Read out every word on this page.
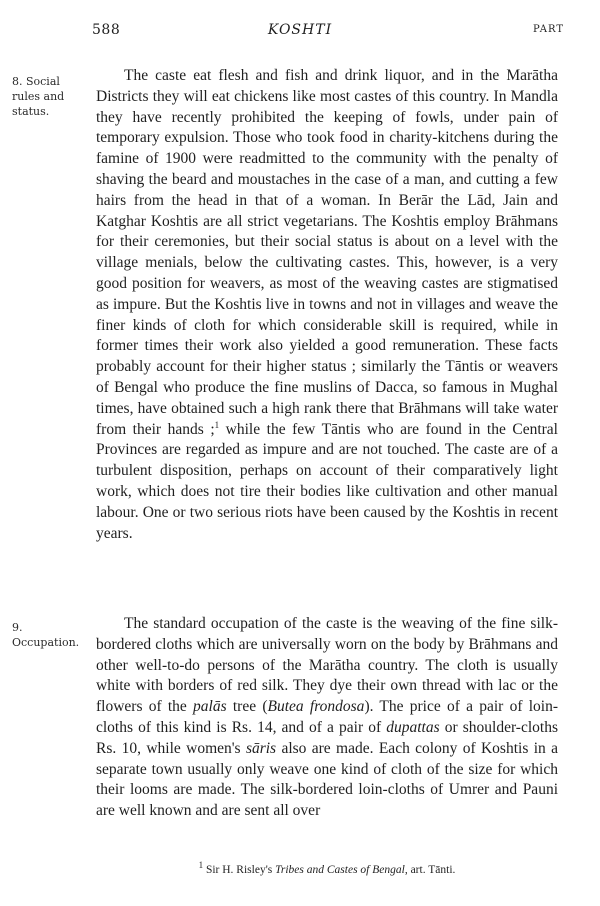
588	KOSHTI	PART
8. Social rules and status.
9. Occupation.

The caste eat flesh and fish and drink liquor, and in the Marātha Districts they will eat chickens like most castes of this country. In Mandla they have recently prohibited the keeping of fowls, under pain of temporary expulsion. Those who took food in charity-kitchens during the famine of 1900 were readmitted to the community with the penalty of shaving the beard and moustaches in the case of a man, and cutting a few hairs from the head in that of a woman. In Berār the Lād, Jain and Katghar Koshtis are all strict vegetarians. The Koshtis employ Brāhmans for their ceremonies, but their social status is about on a level with the village menials, below the cultivating castes. This, however, is a very good position for weavers, as most of the weaving castes are stigmatised as impure. But the Koshtis live in towns and not in villages and weave the finer kinds of cloth for which considerable skill is required, while in former times their work also yielded a good remuneration. These facts probably account for their higher status ; similarly the Tāntis or weavers of Bengal who produce the fine muslins of Dacca, so famous in Mughal times, have obtained such a high rank there that Brāhmans will take water from their hands ;$^1$ while the few Tāntis who are found in the Central Provinces are regarded as impure and are not touched. The caste are of a turbulent disposition, perhaps on account of their comparatively light work, which does not tire their bodies like cultivation and other manual labour. One or two serious riots have been caused by the Koshtis in recent years.

The standard occupation of the caste is the weaving of the fine silk-bordered cloths which are universally worn on the body by Brāhmans and other well-to-do persons of the Marātha country. The cloth is usually white with borders of red silk. They dye their own thread with lac or the flowers of the palās tree (Butea frondosa). The price of a pair of loin-cloths of this kind is Rs. 14, and of a pair of dupattas or shoulder-cloths Rs. 10, while women's sāris also are made. Each colony of Koshtis in a separate town usually only weave one kind of cloth of the size for which their looms are made. The silk-bordered loin-cloths of Umrer and Pauni are well known and are sent all over

$^1$ Sir H. Risley's Tribes and Castes of Bengal, art. Tānti.
